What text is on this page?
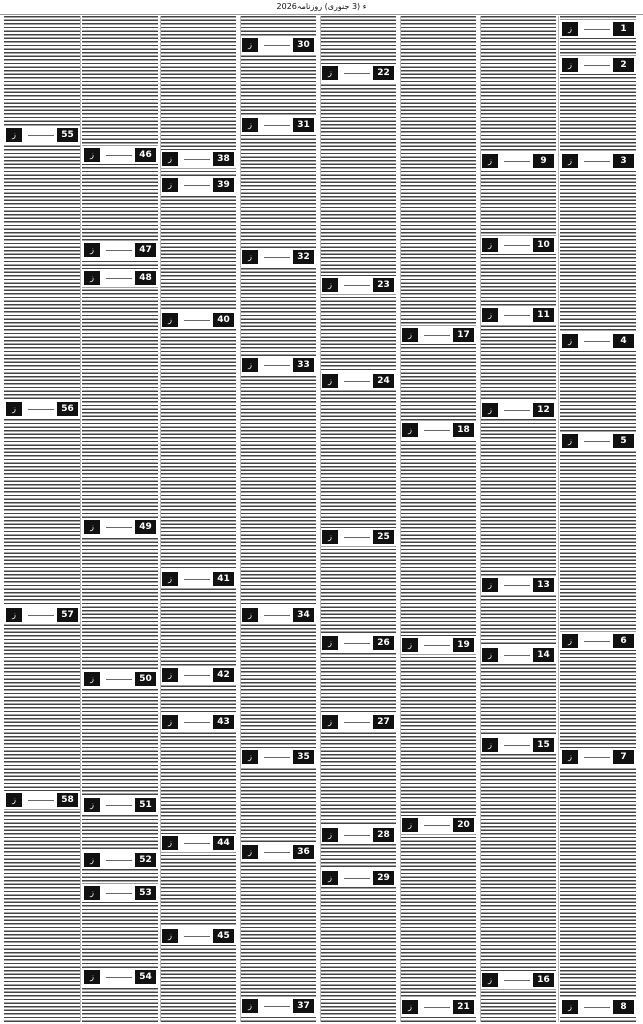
2026ء (3 جنوری) روزنامہ
ز	1
ز	2
ز	3
ز	4
ز	5
ز	6
ز	7
ز	8
ز	9
ز	10
ز	11
ز	12
ز	13
ز	14
ز	15
ز	16
ز	17
ز	18
ز	19
ز	20
ز	21
ز	22
ز	23
ز	24
ز	25
ز	26
ز	27
ز	28
ز	29
ز	30
ز	31
ز	32
ز	33
ز	34
ز	35
ز	36
ز	37
ز	38
ز	39
ز	40
ز	41
ز	42
ز	43
ز	44
ز	45
ز	46
ز	47
ز	48
ز	49
ز	50
ز	51
ز	52
ز	53
ز	54
ز	55
ز	56
ز	57
ز	58
